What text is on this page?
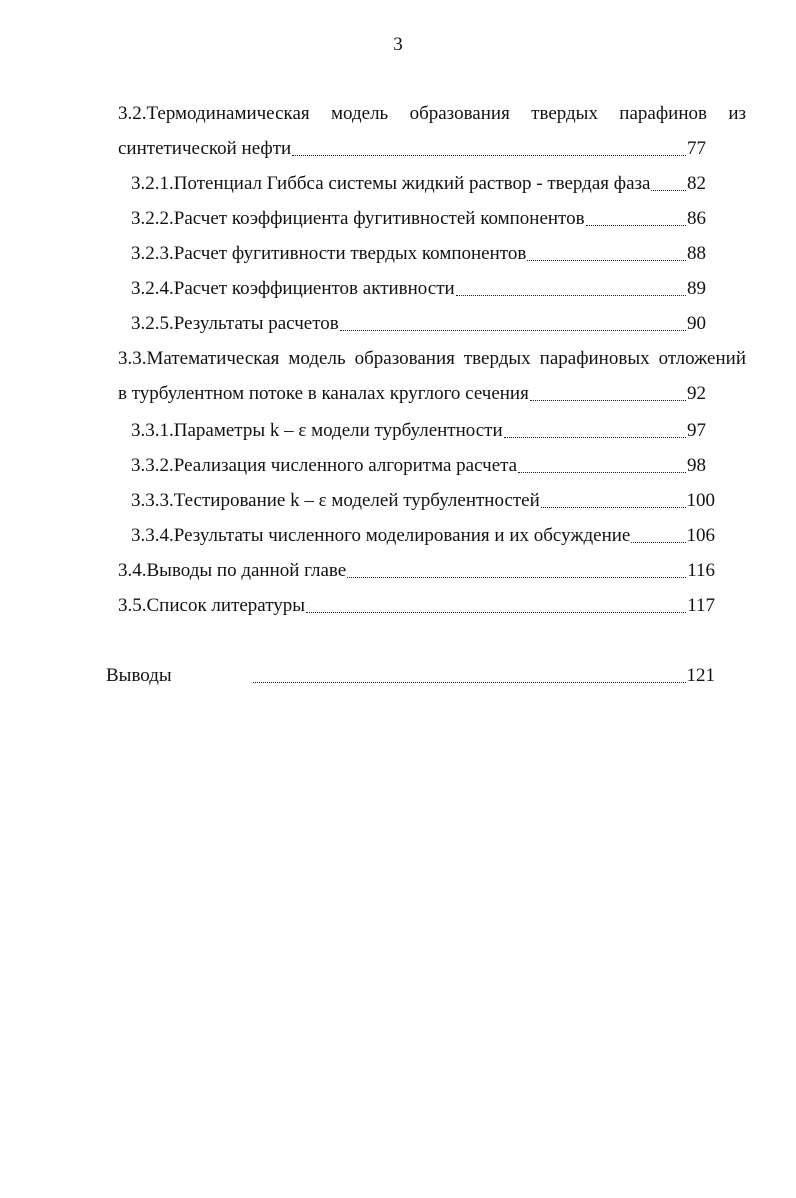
3
3.2.Термодинамическая модель образования твердых парафинов из
синтетической нефти	77
3.2.1.Потенциал Гиббса системы жидкий раствор - твердая фаза 82
3.2.2.Расчет коэффициента фугитивностей компонентов	86
3.2.3.Расчет фугитивности твердых компонентов	88
3.2.4.Расчет коэффициентов активности	89
3.2.5.Результаты расчетов	90
3.3.Математическая модель образования твердых парафиновых отложений
в турбулентном потоке в каналах круглого сечения	92
3.3.1.Параметры k – ε модели турбулентности	97
3.3.2.Реализация численного алгоритма расчета	98
3.3.3.Тестирование k – ε моделей турбулентностей	100
3.3.4.Результаты численного моделирования и их обсуждение	106
3.4.Выводы по данной главе	116
3.5.Список литературы	117
Выводы	121
